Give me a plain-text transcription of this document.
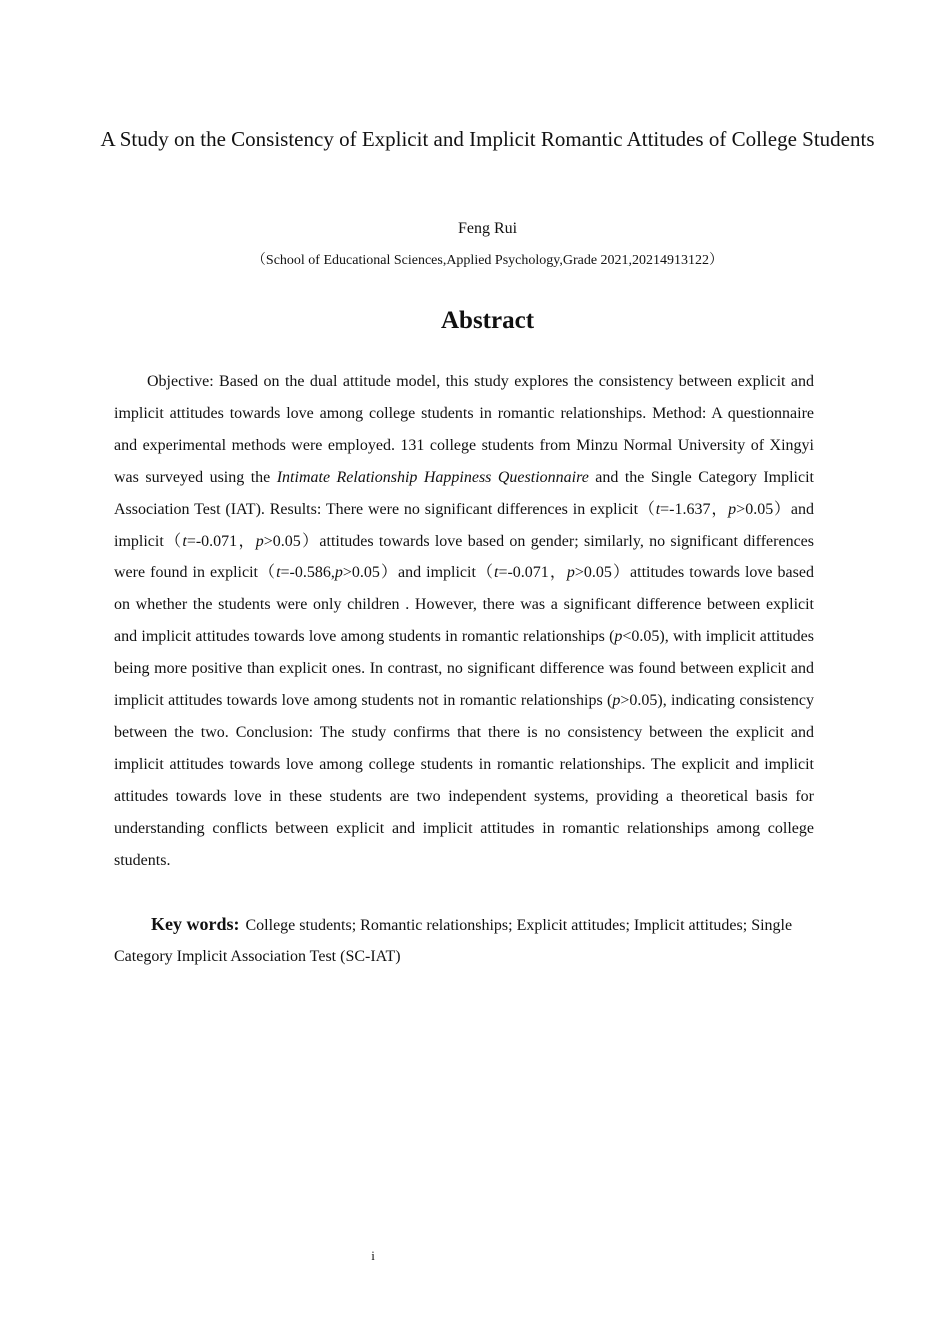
A Study on the Consistency of Explicit and Implicit Romantic Attitudes of College Students
Feng Rui
（School of Educational Sciences,Applied Psychology,Grade 2021,20214913122）
Abstract

Objective: Based on the dual attitude model, this study explores the consistency between explicit and implicit attitudes towards love among college students in romantic relationships. Method: A questionnaire and experimental methods were employed. 131 college students from Minzu Normal University of Xingyi was surveyed using the Intimate Relationship Happiness Questionnaire and the Single Category Implicit Association Test (IAT). Results: There were no significant differences in explicit（t=-1.637，p>0.05）and implicit（t=-0.071，p>0.05）attitudes towards love based on gender; similarly, no significant differences were found in explicit（t=-0.586,p>0.05）and implicit（t=-0.071，p>0.05）attitudes towards love based on whether the students were only children . However, there was a significant difference between explicit and implicit attitudes towards love among students in romantic relationships (p<0.05), with implicit attitudes being more positive than explicit ones. In contrast, no significant difference was found between explicit and implicit attitudes towards love among students not in romantic relationships (p>0.05), indicating consistency between the two. Conclusion: The study confirms that there is no consistency between the explicit and implicit attitudes towards love among college students in romantic relationships. The explicit and implicit attitudes towards love in these students are two independent systems, providing a theoretical basis for understanding conflicts between explicit and implicit attitudes in romantic relationships among college students.

Key words: College students; Romantic relationships; Explicit attitudes; Implicit attitudes; Single Category Implicit Association Test (SC-IAT)

i
